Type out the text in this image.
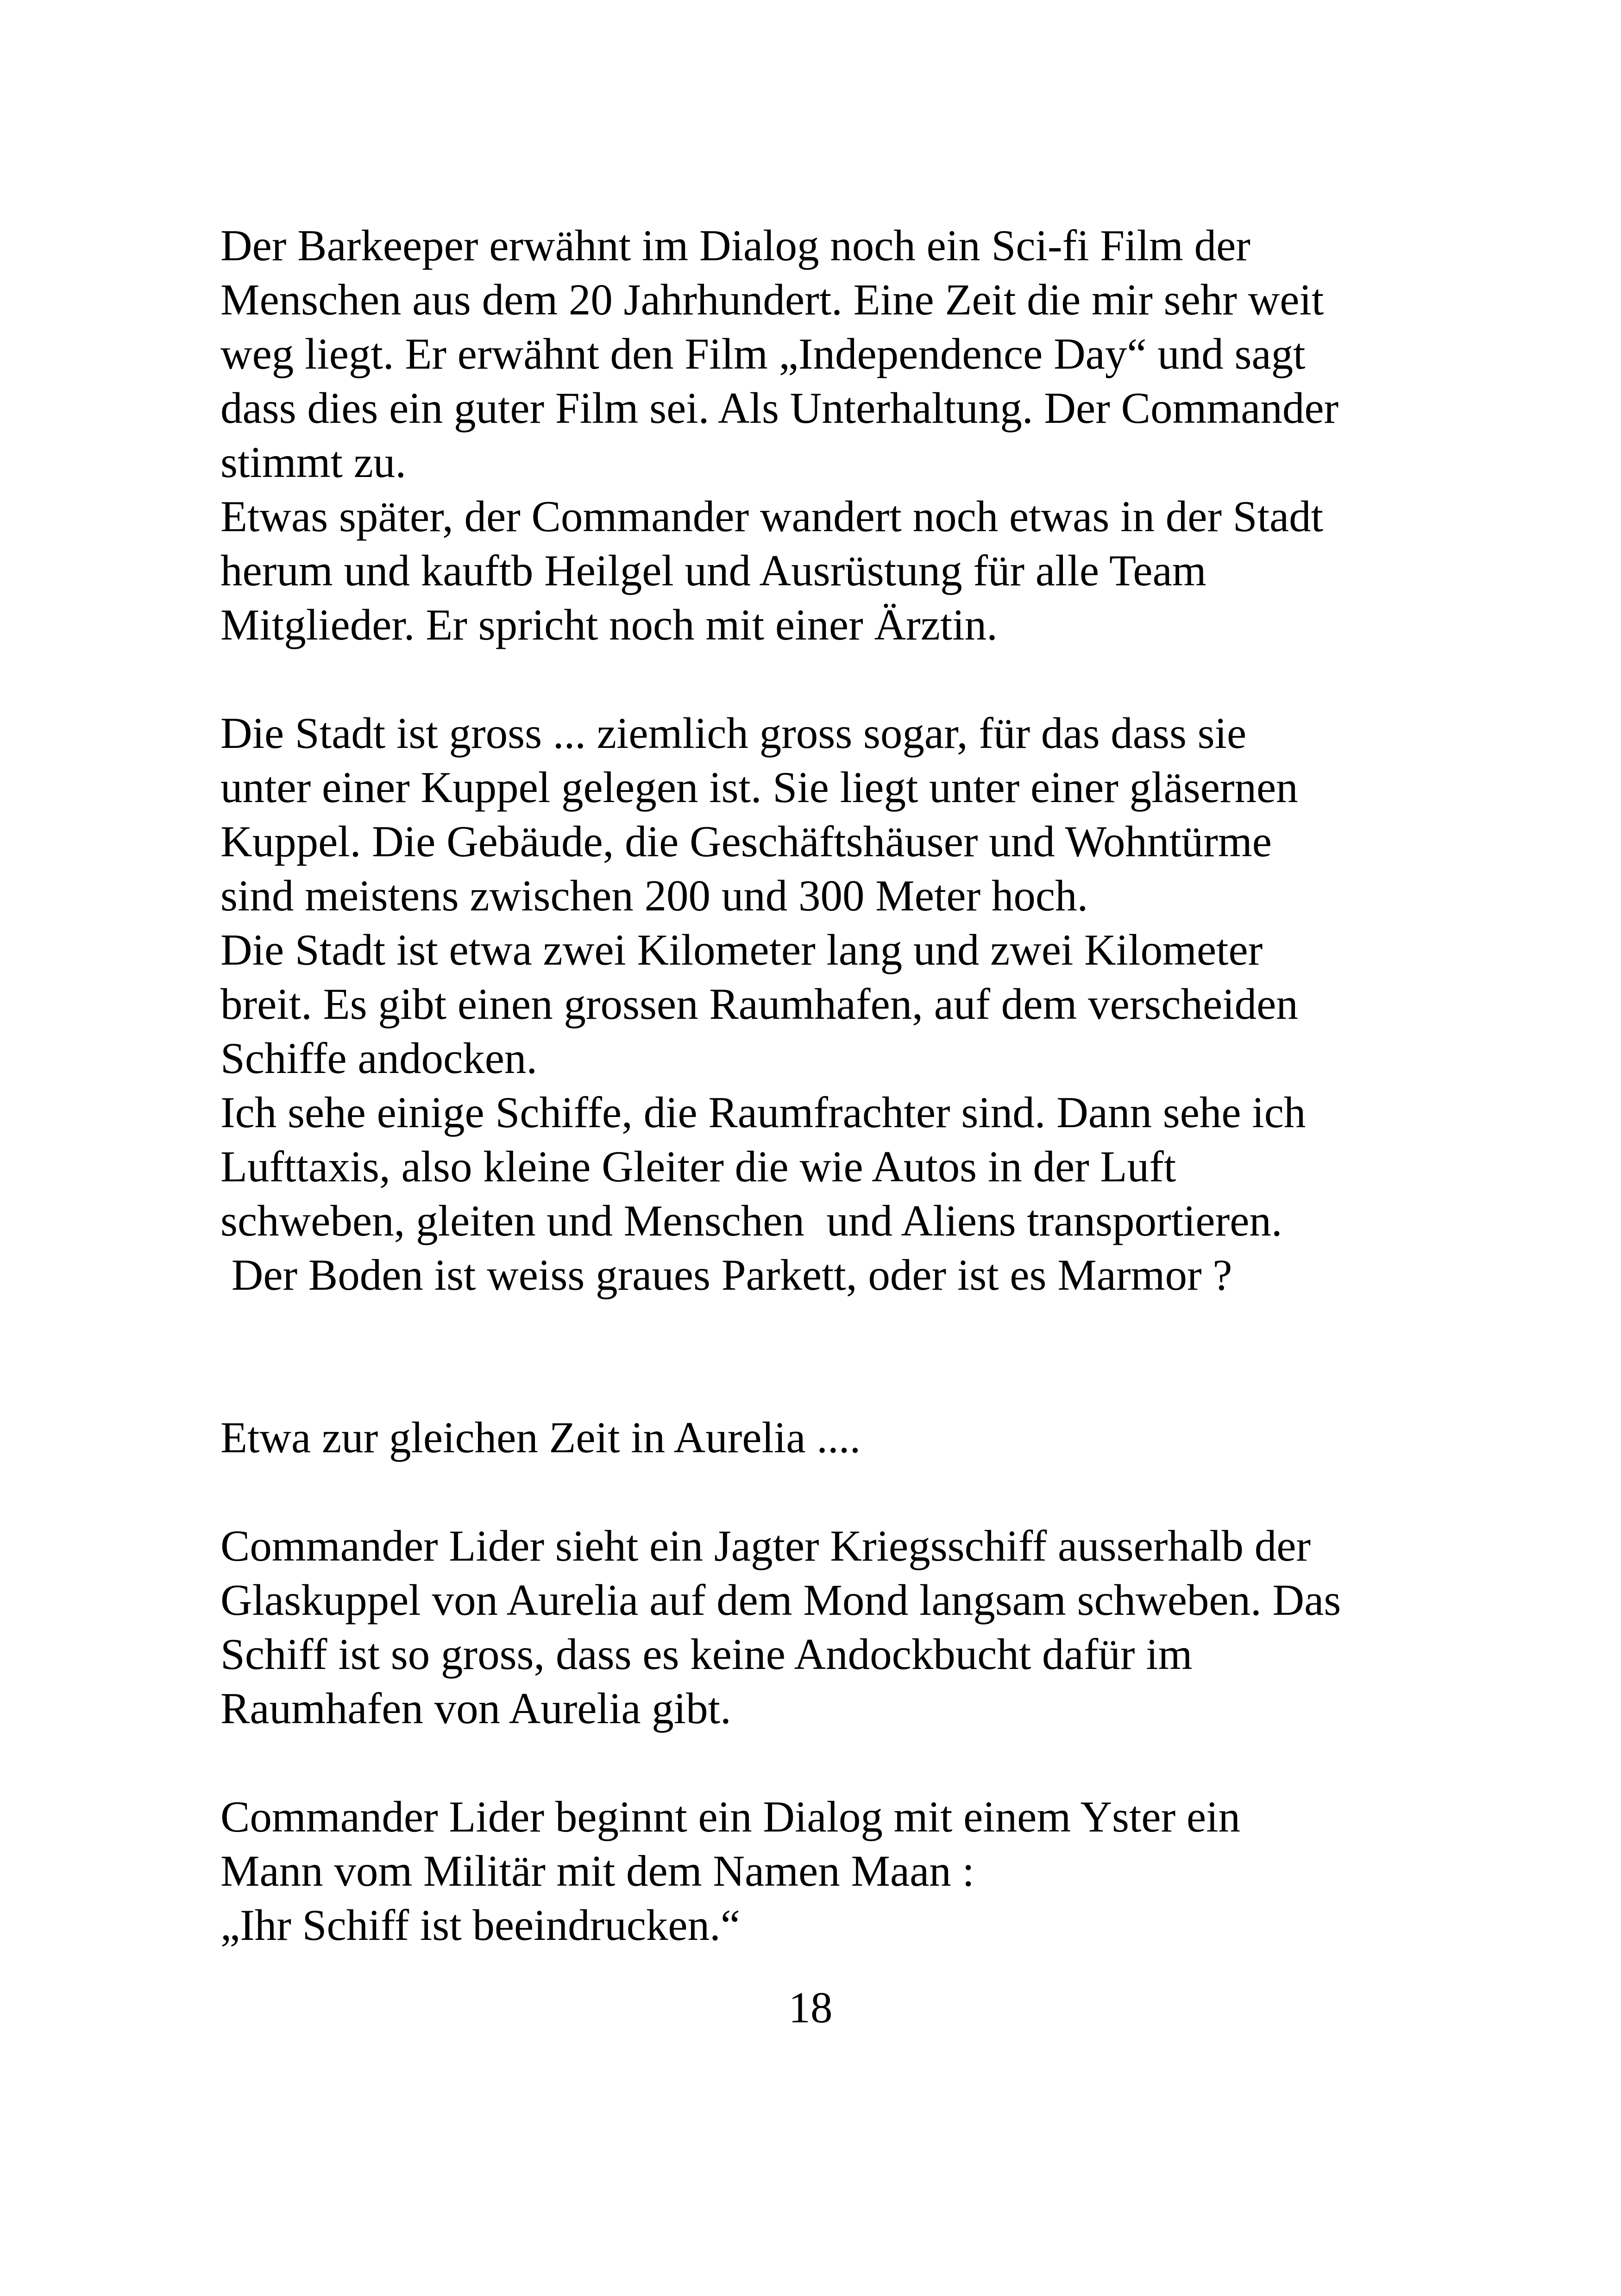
Der Barkeeper erwähnt im Dialog noch ein Sci-fi Film der
Menschen aus dem 20 Jahrhundert. Eine Zeit die mir sehr weit
weg liegt. Er erwähnt den Film „Independence Day“ und sagt
dass dies ein guter Film sei. Als Unterhaltung. Der Commander
stimmt zu.
Etwas später, der Commander wandert noch etwas in der Stadt
herum und kauftb Heilgel und Ausrüstung für alle Team
Mitglieder. Er spricht noch mit einer Ärztin.
Die Stadt ist gross ... ziemlich gross sogar, für das dass sie
unter einer Kuppel gelegen ist. Sie liegt unter einer gläsernen
Kuppel. Die Gebäude, die Geschäftshäuser und Wohntürme
sind meistens zwischen 200 und 300 Meter hoch.
Die Stadt ist etwa zwei Kilometer lang und zwei Kilometer
breit. Es gibt einen grossen Raumhafen, auf dem verscheiden
Schiffe andocken.
Ich sehe einige Schiffe, die Raumfrachter sind. Dann sehe ich
Lufttaxis, also kleine Gleiter die wie Autos in der Luft
schweben, gleiten und Menschen  und Aliens transportieren.
Der Boden ist weiss graues Parkett, oder ist es Marmor ?
Etwa zur gleichen Zeit in Aurelia ....
Commander Lider sieht ein Jagter Kriegsschiff ausserhalb der
Glaskuppel von Aurelia auf dem Mond langsam schweben. Das
Schiff ist so gross, dass es keine Andockbucht dafür im
Raumhafen von Aurelia gibt.
Commander Lider beginnt ein Dialog mit einem Yster ein
Mann vom Militär mit dem Namen Maan :
„Ihr Schiff ist beeindrucken.“
18
